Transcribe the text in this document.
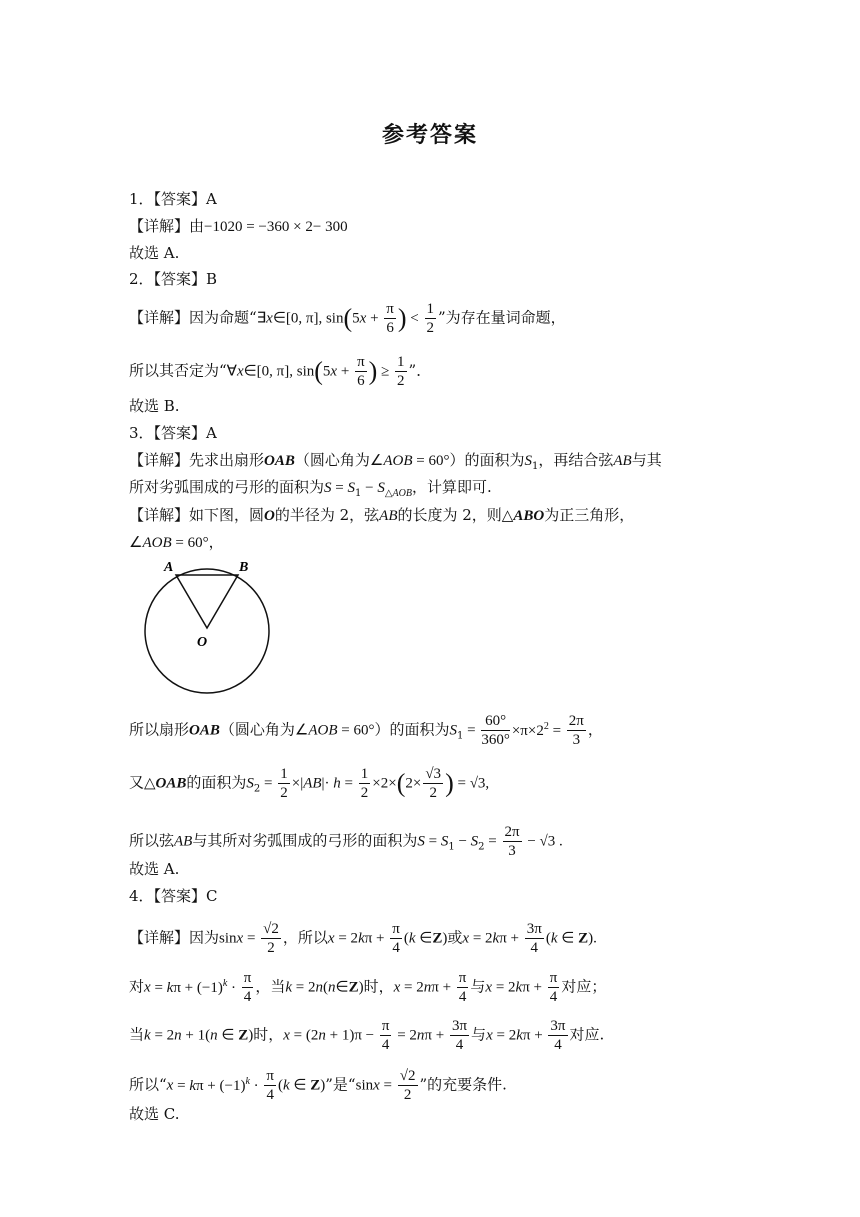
参考答案
1．【答案】A
【详解】由−1020 = −360 × 2− 300
故选 A.
2．【答案】B
【详解】因为命题“∃x∈[0, π], $\sin(5x + \frac{\pi}{6}$ ) < $\frac{1}{2}$ ”为存在量词命题，
所以其否定为“∀x∈[0, π], $\sin(5x + \frac{\pi}{6}$ ) ≥ $\frac{1}{2}$ ”．
故选 B.
3．【答案】A
【详解】先求出扇形OAB（圆心角为∠AOB = 60°）的面积为$S_1$，再结合弦AB与其
所对劣弧围成的弓形的面积为$S = S_1 - S_{\triangle AOB}$，计算即可.
【详解】如下图，圆O的半径为 2，弦AB的长度为 2，则△ABO为正三角形，
∠AOB = 60°，
A	B
O
所以扇形OAB（圆心角为∠AOB = 60°）的面积为$S_1 = \frac{60^\circ}{360^\circ} \times\pi\times 2^2 = \frac{2\pi}{3}$ ，
又△OAB的面积为$S_2 = \frac{1}{2} \times|AB|\cdot h = \frac{1}{2} \times 2\times(2\times \frac{√3}{2}$ ) = √3,
所以弦AB与其所对劣弧围成的弓形的面积为$S = S_1 - S_2 = \frac{2\pi}{3} - √3$ .
故选 A.
4．【答案】C
【详解】因为$\sin x = \frac{√2}{2}$ ，所以$x = 2k\pi + \frac{\pi}{4} (k$ ∈Z)或$x = 2k\pi + \frac{3\pi}{4} (k$ ∈ Z).
对$x = k\pi + (-1)^k \cdot \frac{\pi}{4}$ ，当k = 2n(n∈Z)时，$x = 2n\pi + \frac{\pi}{4}$ 与$x = 2k\pi + \frac{\pi}{4}$ 对应；
当k = 2n + 1(n ∈ Z)时，$x = (2n + 1)\pi - \frac{\pi}{4} = 2n\pi + \frac{3\pi}{4}$ 与$x = 2k\pi + \frac{3\pi}{4}$ 对应.
所以“$x = k\pi + (-1)^k \cdot \frac{\pi}{4} (k$ ∈ Z)”是“$\sin x = \frac{√2}{2}$ ”的充要条件.
故选 C.
